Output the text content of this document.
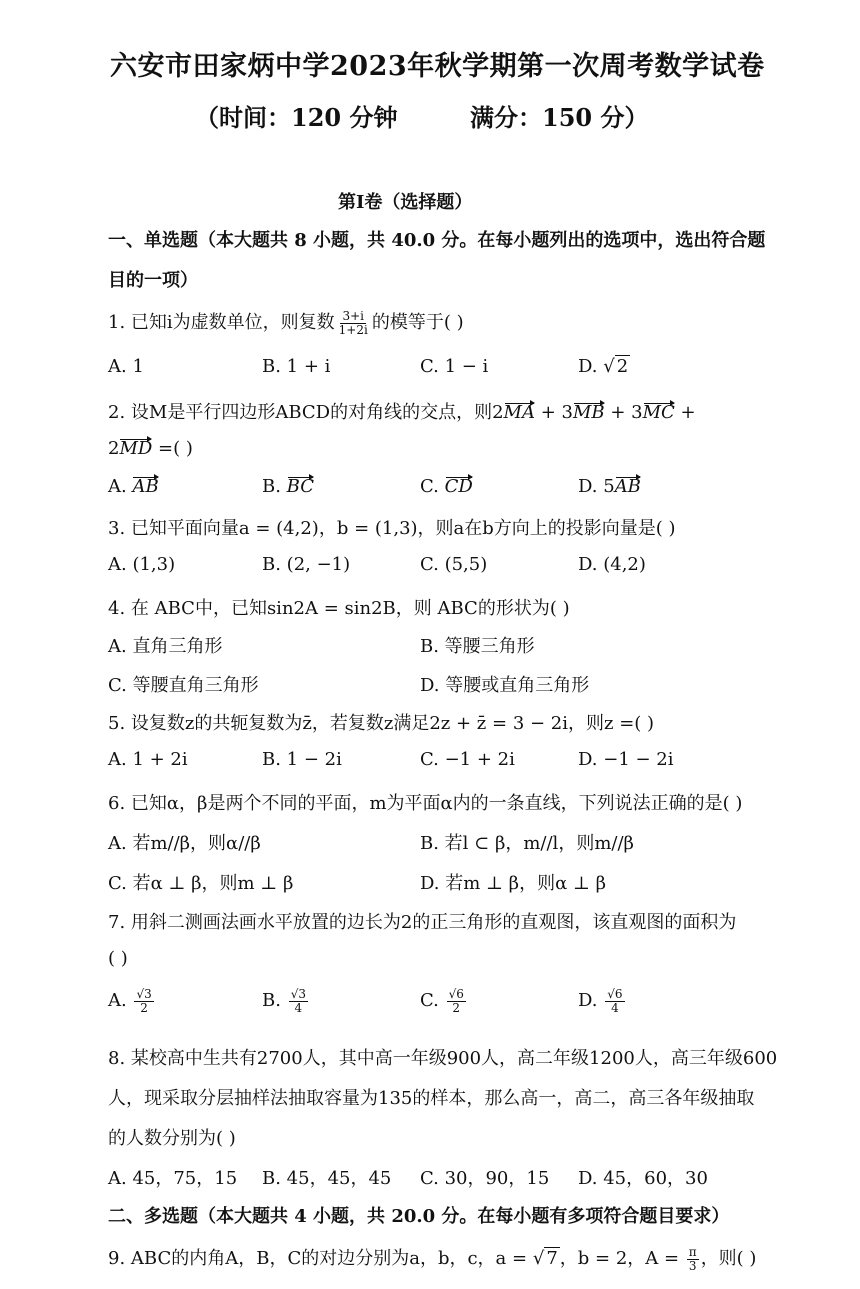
六安市田家炳中学2023年秋学期第一次周考数学试卷
（时间：120 分钟	满分：150 分）
第I卷（选择题）
一、单选题（本大题共 8 小题，共 40.0 分。在每小题列出的选项中，选出符合题
目的一项）
1. 已知i为虚数单位，则复数 $\frac{3+i}{1+2i}$ 的模等于( )
A. 1	B. 1 + i	C. 1 − i	D. √ 2
2. 设M是平行四边形ABCD的对角线的交点，则2MA + 3MB + 3MC +
2MD =( )
A. AB	B. BC	C. CD	D. 5AB
3. 已知平面向量a = (4,2)，b = (1,3)，则a在b方向上的投影向量是( )
A. (1,3)	B. (2, −1)	C. (5,5)	D. (4,2)
4. 在 ABC中，已知sin2A = sin2B，则 ABC的形状为( )
A. 直角三角形	B. 等腰三角形
C. 等腰直角三角形	D. 等腰或直角三角形
5. 设复数z的共轭复数为z̄，若复数z满足2z + z̄ = 3 − 2i，则z =( )
A. 1 + 2i	B. 1 − 2i	C. −1 + 2i	D. −1 − 2i
6. 已知α，β是两个不同的平面，m为平面α内的一条直线，下列说法正确的是( )
A. 若m//β，则α//β	B. 若l ⊂ β，m//l，则m//β
C. 若α ⊥ β，则m ⊥ β	D. 若m ⊥ β，则α ⊥ β
7. 用斜二测画法画水平放置的边长为2的正三角形的直观图，该直观图的面积为
( )
A. $\frac{√3}{2}$	B. $\frac{√3}{4}$	C. $\frac{√6}{2}$	D. $\frac{√6}{4}$
8. 某校高中生共有2700人，其中高一年级900人，高二年级1200人，高三年级600
人，现采取分层抽样法抽取容量为135的样本，那么高一，高二，高三各年级抽取
的人数分别为( )
A. 45，75，15 B. 45，45，45 C. 30，90，15 D. 45，60，30
二、多选题（本大题共 4 小题，共 20.0 分。在每小题有多项符合题目要求）
9. ABC的内角A，B，C的对边分别为a，b，c，a = √ 7 ，b = 2，$A = \frac{\pi}{3}$ ，则( )
